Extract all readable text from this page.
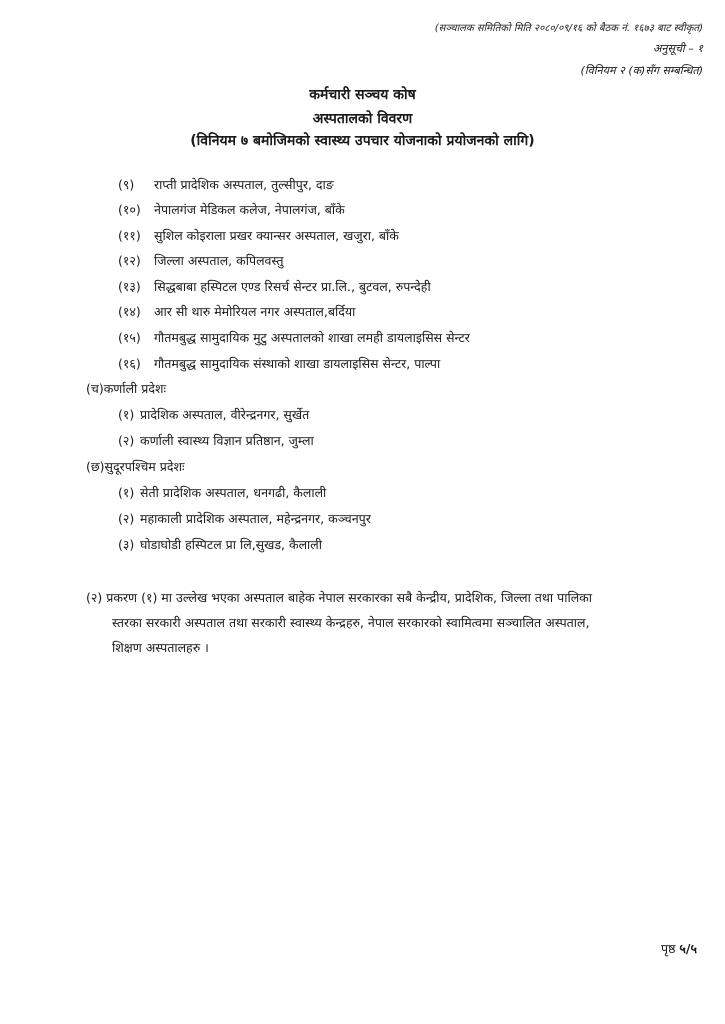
(सञ्चालक समितिको मिति २०८०/०९/१६ को बैठक नं. १६७३ बाट स्वीकृत)
अनुसूची – १
(विनियम २ (क)सँग सम्बन्धित)
कर्मचारी सञ्चय कोष
अस्पतालको विवरण
(विनियम ७ बमोजिमको स्वास्थ्य उपचार योजनाको प्रयोजनको लागि)
(९) राप्ती प्रादेशिक अस्पताल, तुल्सीपुर, दाङ
(१०) नेपालगंज मेडिकल कलेज, नेपालगंज, बाँके
(११) सुशिल कोइराला प्रखर क्यान्सर अस्पताल, खजुरा, बाँके
(१२) जिल्ला अस्पताल, कपिलवस्तु
(१३) सिद्धबाबा हस्पिटल एण्ड रिसर्च सेन्टर प्रा.लि., बुटवल, रुपन्देही
(१४) आर सी थारु मेमोरियल नगर अस्पताल,बर्दिया
(१५) गौतमबुद्ध सामुदायिक मुटु अस्पतालको शाखा लमही डायलाइसिस सेन्टर
(१६) गौतमबुद्ध सामुदायिक संस्थाको शाखा डायलाइसिस सेन्टर, पाल्पा
(च)कर्णाली प्रदेशः
(१) प्रादेशिक अस्पताल, वीरेन्द्रनगर, सुर्खेत
(२) कर्णाली स्वास्थ्य विज्ञान प्रतिष्ठान, जुम्ला
(छ)सुदूरपश्चिम प्रदेशः
(१) सेती प्रादेशिक अस्पताल, धनगढी, कैलाली
(२) महाकाली प्रादेशिक अस्पताल, महेन्द्रनगर, कञ्चनपुर
(३) घोडाघोडी हस्पिटल प्रा लि,सुखड, कैलाली
(२) प्रकरण (१) मा उल्लेख भएका अस्पताल बाहेक नेपाल सरकारका सबै केन्द्रीय, प्रादेशिक, जिल्ला तथा पालिका
स्तरका सरकारी अस्पताल तथा सरकारी स्वास्थ्य केन्द्रहरु, नेपाल सरकारको स्वामित्वमा सञ्चालित अस्पताल,
शिक्षण अस्पतालहरु ।
पृष्ठ ५/५
